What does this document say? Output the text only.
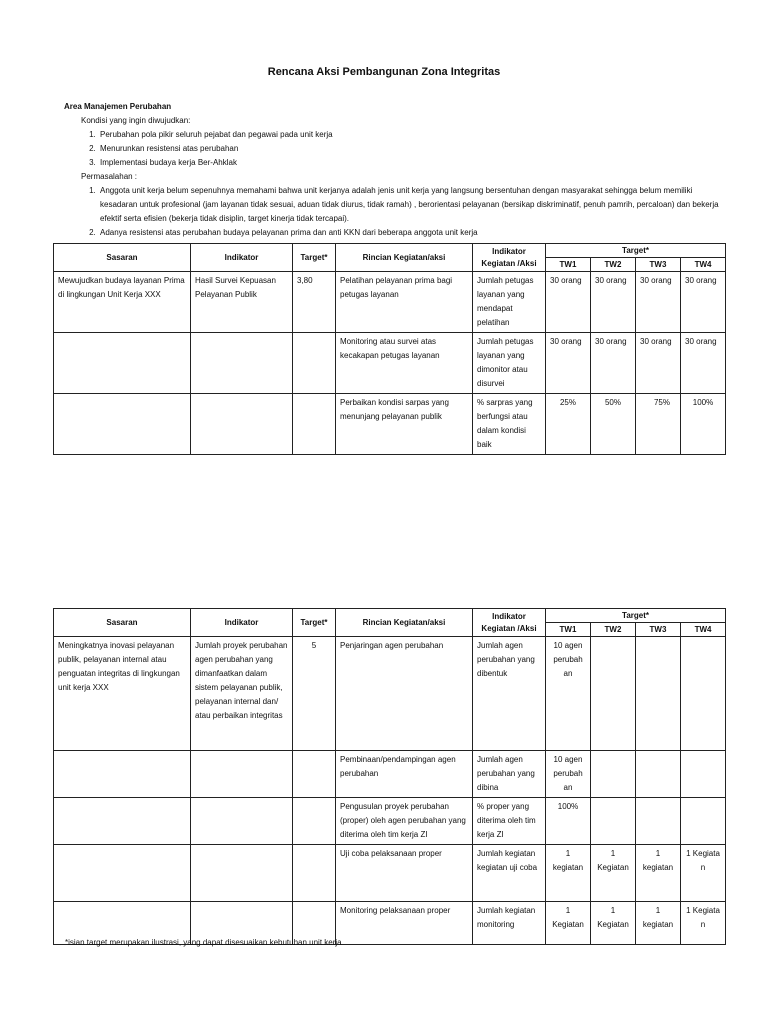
Rencana Aksi Pembangunan Zona Integritas
Area Manajemen Perubahan
Kondisi yang ingin diwujudkan:
1. Perubahan pola pikir seluruh pejabat dan pegawai pada unit kerja
2. Menurunkan resistensi atas perubahan
3. Implementasi budaya kerja Ber-Ahklak
Permasalahan :
1. Anggota unit kerja belum sepenuhnya memahami bahwa unit kerjanya adalah jenis unit kerja yang langsung bersentuhan dengan masyarakat sehingga belum memiliki kesadaran untuk profesional (jam layanan tidak sesuai, aduan tidak diurus, tidak ramah) , berorientasi pelayanan (bersikap diskriminatif, penuh pamrih, percaloan) dan bekerja efektif serta efisien (bekerja tidak disiplin, target kinerja tidak tercapai).
2. Adanya resistensi atas perubahan budaya pelayanan prima dan anti KKN dari beberapa anggota unit kerja
Sasaran	Indikator	Target*	Rincian Kegiatan/aksi	Indikator Kegiatan /Aksi	Target*			
					TW1	TW2	TW3	TW4
Mewujudkan budaya layanan Prima di lingkungan Unit Kerja XXX	Hasil Survei Kepuasan Pelayanan Publik	3,80	Pelatihan pelayanan prima bagi petugas layanan	Jumlah petugas layanan yang mendapat pelatihan	30 orang	30 orang	30 orang	30 orang
			Monitoring atau survei atas kecakapan petugas layanan	Jumlah petugas layanan yang dimonitor atau disurvei	30 orang	30 orang	30 orang	30 orang
			Perbaikan kondisi sarpas yang menunjang pelayanan publik	% sarpras yang berfungsi atau dalam kondisi baik	25%	50%	75%	100%
Sasaran	Indikator	Target*	Rincian Kegiatan/aksi	Indikator Kegiatan /Aksi	Target*			
					TW1	TW2	TW3	TW4
Meningkatnya inovasi pelayanan publik, pelayanan internal atau penguatan integritas di lingkungan unit kerja XXX	Jumlah proyek perubahan agen perubahan yang dimanfaatkan dalam sistem pelayanan publik, pelayanan internal dan/ atau perbaikan integritas	5	Penjaringan agen perubahan	Jumlah agen perubahan yang dibentuk	10 agen perubah an			
			Pembinaan/pendampingan agen perubahan	Jumlah agen perubahan yang dibina	10 agen perubah an			
			Pengusulan proyek perubahan (proper) oleh agen perubahan yang diterima oleh tim kerja ZI	% proper yang diterima oleh tim kerja ZI	100%			
			Uji coba pelaksanaan proper	Jumlah kegiatan kegiatan uji coba	1 kegiatan	1 Kegiatan	1 kegiatan	1 Kegiata n
			Monitoring pelaksanaan proper	Jumlah kegiatan monitoring	1 Kegiatan	1 Kegiatan	1 kegiatan	1 Kegiata n
*isian target merupakan ilustrasi, yang dapat disesuaikan kebutuhan unit kerja
